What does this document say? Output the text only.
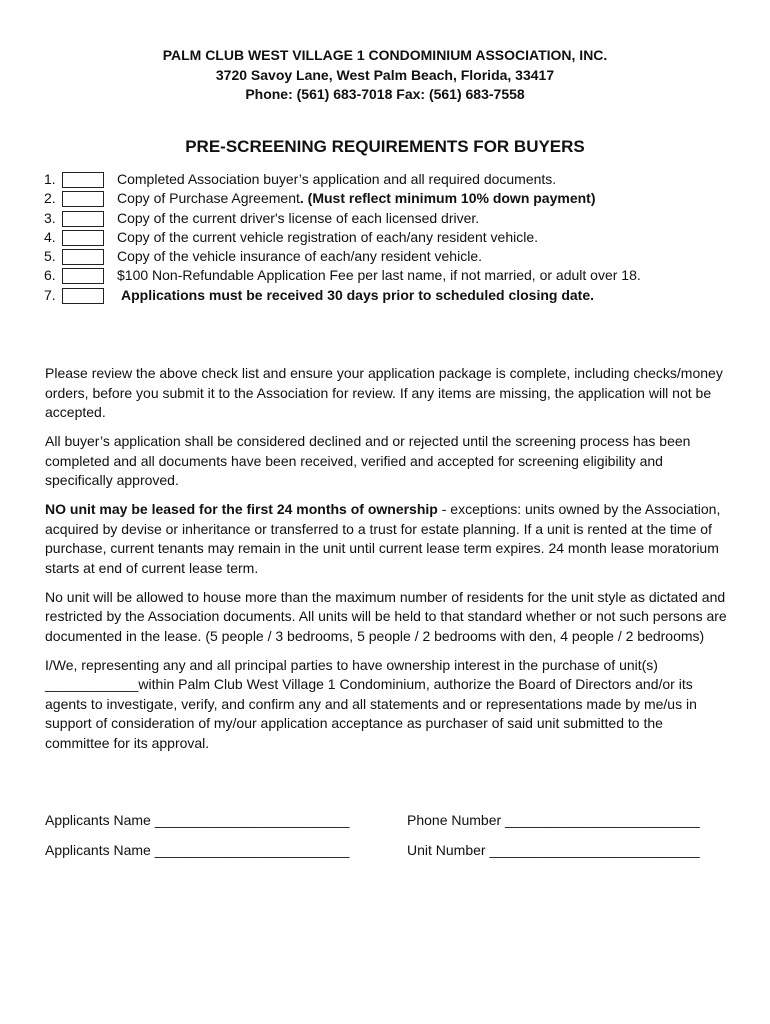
PALM CLUB WEST VILLAGE 1 CONDOMINIUM ASSOCIATION, INC.
3720 Savoy Lane, West Palm Beach, Florida, 33417
Phone: (561) 683-7018 Fax: (561) 683-7558
PRE-SCREENING REQUIREMENTS FOR BUYERS
1.	Completed Association buyer’s application and all required documents.
2.	Copy of Purchase Agreement. (Must reflect minimum 10% down payment)
3.	Copy of the current driver's license of each licensed driver.
4.	Copy of the current vehicle registration of each/any resident vehicle.
5.	Copy of the vehicle insurance of each/any resident vehicle.
6.	$100 Non-Refundable Application Fee per last name, if not married, or adult over 18.
7.	Applications must be received 30 days prior to scheduled closing date.

Please review the above check list and ensure your application package is complete, including checks/money orders, before you submit it to the Association for review. If any items are missing, the application will not be accepted.

All buyer’s application shall be considered declined and or rejected until the screening process has been completed and all documents have been received, verified and accepted for screening eligibility and specifically approved.

NO unit may be leased for the first 24 months of ownership - exceptions: units owned by the Association, acquired by devise or inheritance or transferred to a trust for estate planning. If a unit is rented at the time of purchase, current tenants may remain in the unit until current lease term expires. 24 month lease moratorium starts at end of current lease term.

No unit will be allowed to house more than the maximum number of residents for the unit style as dictated and restricted by the Association documents. All units will be held to that standard whether or not such persons are documented in the lease. (5 people / 3 bedrooms, 5 people / 2 bedrooms with den, 4 people / 2 bedrooms)

I/We, representing any and all principal parties to have ownership interest in the purchase of unit(s) ____________within Palm Club West Village 1 Condominium, authorize the Board of Directors and/or its agents to investigate, verify, and confirm any and all statements and or representations made by me/us in support of consideration of my/our application acceptance as purchaser of said unit submitted to the committee for its approval.

Applicants Name _________________________	Phone Number _________________________
Applicants Name _________________________	Unit Number ___________________________
